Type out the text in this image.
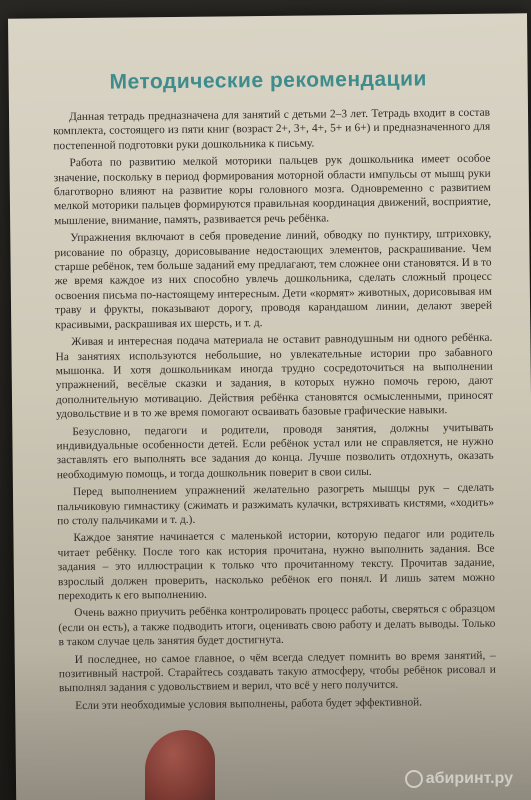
Методические рекомендации

Данная тетрадь предназначена для занятий с детьми 2–3 лет. Тетрадь входит в состав комплекта, состоящего из пяти книг (возраст 2+, 3+, 4+, 5+ и 6+) и предназначенного для постепенной подготовки руки дошкольника к письму.

Работа по развитию мелкой моторики пальцев рук дошкольника имеет особое значение, поскольку в период формирования моторной области импульсы от мышц руки благотворно влияют на развитие коры головного мозга. Одновременно с развитием мелкой моторики пальцев формируются правильная координация движений, восприятие, мышление, внимание, память, развивается речь ребёнка.

Упражнения включают в себя проведение линий, обводку по пунктиру, штриховку, рисование по образцу, дорисовывание недостающих элементов, раскрашивание. Чем старше ребёнок, тем больше заданий ему предлагают, тем сложнее они становятся. И в то же время каждое из них способно увлечь дошкольника, сделать сложный процесс освоения письма по-настоящему интересным. Дети «кормят» животных, дорисовывая им траву и фрукты, показывают дорогу, проводя карандашом линии, делают зверей красивыми, раскрашивая их шерсть, и т. д.

Живая и интересная подача материала не оставит равнодушным ни одного ребёнка. На занятиях используются небольшие, но увлекательные истории про забавного мышонка. И хотя дошкольникам иногда трудно сосредоточиться на выполнении упражнений, весёлые сказки и задания, в которых нужно помочь герою, дают дополнительную мотивацию. Действия ребёнка становятся осмысленными, приносят удовольствие и в то же время помогают осваивать базовые графические навыки.

Безусловно, педагоги и родители, проводя занятия, должны учитывать индивидуальные особенности детей. Если ребёнок устал или не справляется, не нужно заставлять его выполнять все задания до конца. Лучше позволить отдохнуть, оказать необходимую помощь, и тогда дошкольник поверит в свои силы.

Перед выполнением упражнений желательно разогреть мышцы рук – сделать пальчиковую гимнастику (сжимать и разжимать кулачки, встряхивать кистями, «ходить» по столу пальчиками и т. д.).

Каждое занятие начинается с маленькой истории, которую педагог или родитель читает ребёнку. После того как история прочитана, нужно выполнить задания. Все задания – это иллюстрации к только что прочитанному тексту. Прочитав задание, взрослый должен проверить, насколько ребёнок его понял. И лишь затем можно переходить к его выполнению.

Очень важно приучить ребёнка контролировать процесс работы, сверяться с образцом (если он есть), а также подводить итоги, оценивать свою работу и делать выводы. Только в таком случае цель занятия будет достигнута.

И последнее, но самое главное, о чём всегда следует помнить во время занятий, – позитивный настрой. Старайтесь создавать такую атмосферу, чтобы ребёнок рисовал и выполнял задания с удовольствием и верил, что всё у него получится.

Если эти необходимые условия выполнены, работа будет эффективной.

абиринт.ру
